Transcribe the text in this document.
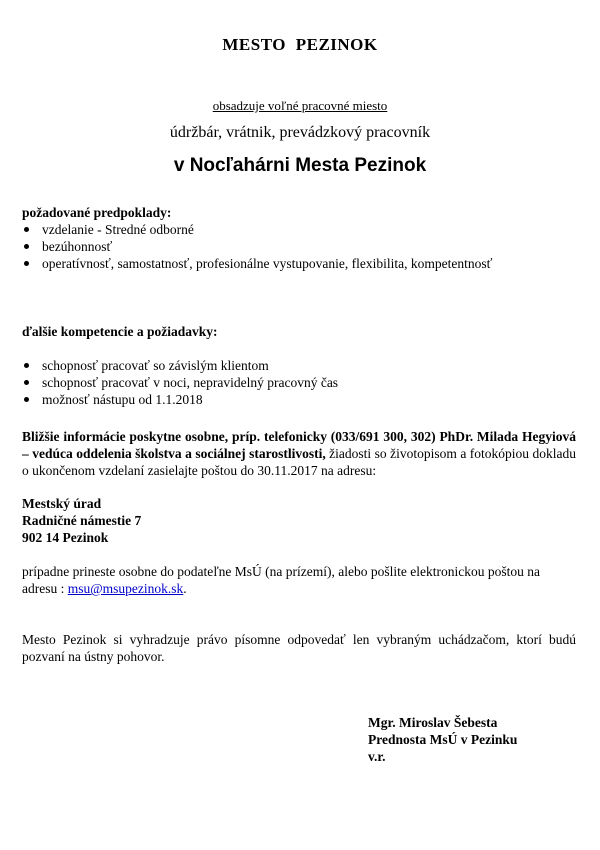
MESTO PEZINOK
obsadzuje voľné pracovné miesto
údržbár, vrátnik, prevádzkový pracovník
v Nocľahárni Mesta Pezinok
požadované predpoklady:
vzdelanie - Stredné odborné
bezúhonnosť
operatívnosť, samostatnosť, profesionálne vystupovanie, flexibilita, kompetentnosť
ďalšie kompetencie a požiadavky:
schopnosť pracovať so závislým klientom
schopnosť pracovať v noci, nepravidelný pracovný čas
možnosť nástupu od 1.1.2018
Bližšie informácie poskytne osobne, príp. telefonicky (033/691 300, 302) PhDr. Milada Hegyiová – vedúca oddelenia školstva a sociálnej starostlivosti, žiadosti so životopisom a fotokópiou dokladu o ukončenom vzdelaní zasielajte poštou do 30.11.2017 na adresu:
Mestský úrad
Radničné námestie 7
902 14 Pezinok
prípadne prineste osobne do podateľne MsÚ (na prízemí), alebo pošlite elektronickou poštou na adresu : msu@msupezinok.sk.
Mesto Pezinok si vyhradzuje právo písomne odpovedať len vybraným uchádzačom, ktorí budú pozvaní na ústny pohovor.
Mgr. Miroslav Šebesta
Prednosta MsÚ v Pezinku
v.r.
